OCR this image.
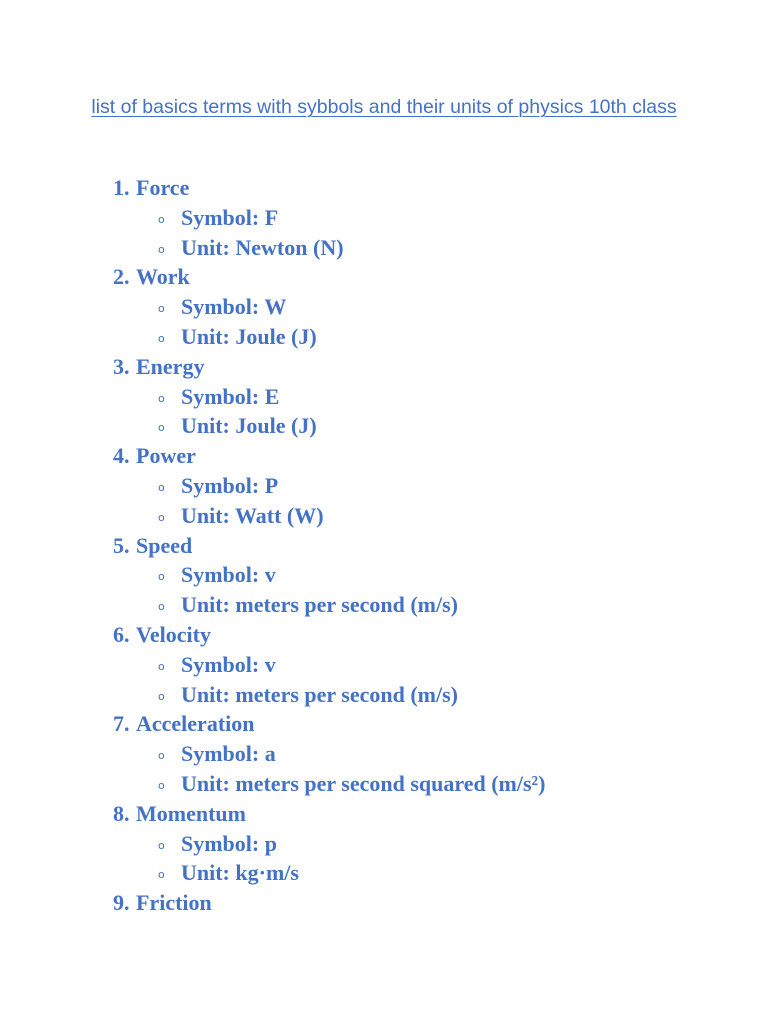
list of basics terms with sybbols and their units of physics 10th class
1. Force
o Symbol: F
o Unit: Newton (N)
2. Work
o Symbol: W
o Unit: Joule (J)
3. Energy
o Symbol: E
o Unit: Joule (J)
4. Power
o Symbol: P
o Unit: Watt (W)
5. Speed
o Symbol: v
o Unit: meters per second (m/s)
6. Velocity
o Symbol: v
o Unit: meters per second (m/s)
7. Acceleration
o Symbol: a
o Unit: meters per second squared (m/s²)
8. Momentum
o Symbol: p
o Unit: kg·m/s
9. Friction
